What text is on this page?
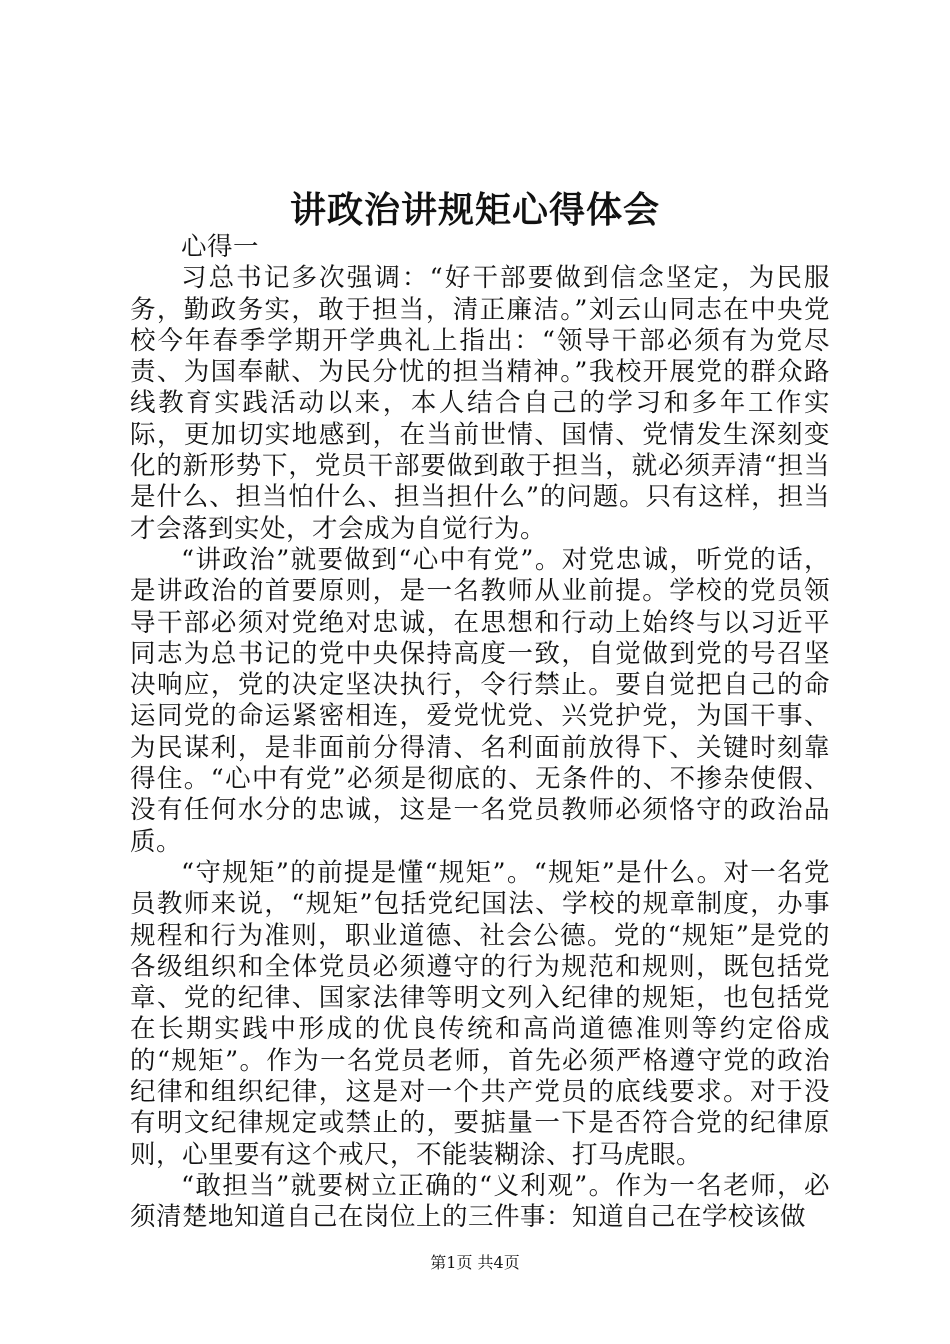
讲政治讲规矩心得体会

心得一

习总书记多次强调：“好干部要做到信念坚定，为民服务，勤政务实，敢于担当，清正廉洁。”刘云山同志在中央党校今年春季学期开学典礼上指出：“领导干部必须有为党尽责、为国奉献、为民分忧的担当精神。”我校开展党的群众路线教育实践活动以来，本人结合自己的学习和多年工作实际，更加切实地感到，在当前世情、国情、党情发生深刻变化的新形势下，党员干部要做到敢于担当，就必须弄清“担当是什么、担当怕什么、担当担什么”的问题。只有这样，担当才会落到实处，才会成为自觉行为。

“讲政治”就要做到“心中有党”。对党忠诚，听党的话，是讲政治的首要原则，是一名教师从业前提。学校的党员领导干部必须对党绝对忠诚，在思想和行动上始终与以习近平同志为总书记的党中央保持高度一致，自觉做到党的号召坚决响应，党的决定坚决执行，令行禁止。要自觉把自己的命运同党的命运紧密相连，爱党忧党、兴党护党，为国干事、为民谋利，是非面前分得清、名利面前放得下、关键时刻靠得住。“心中有党”必须是彻底的、无条件的、不掺杂使假、没有任何水分的忠诚，这是一名党员教师必须恪守的政治品质。

“守规矩”的前提是懂“规矩”。“规矩”是什么。对一名党员教师来说，“规矩”包括党纪国法、学校的规章制度，办事规程和行为准则，职业道德、社会公德。党的“规矩”是党的各级组织和全体党员必须遵守的行为规范和规则，既包括党章、党的纪律、国家法律等明文列入纪律的规矩，也包括党在长期实践中形成的优良传统和高尚道德准则等约定俗成的“规矩”。作为一名党员老师，首先必须严格遵守党的政治纪律和组织纪律，这是对一个共产党员的底线要求。对于没有明文纪律规定或禁止的，要掂量一下是否符合党的纪律原则，心里要有这个戒尺，不能装糊涂、打马虎眼。

“敢担当”就要树立正确的“义利观”。作为一名老师，必须清楚地知道自己在岗位上的三件事：知道自己在学校该做

第1页 共4页
